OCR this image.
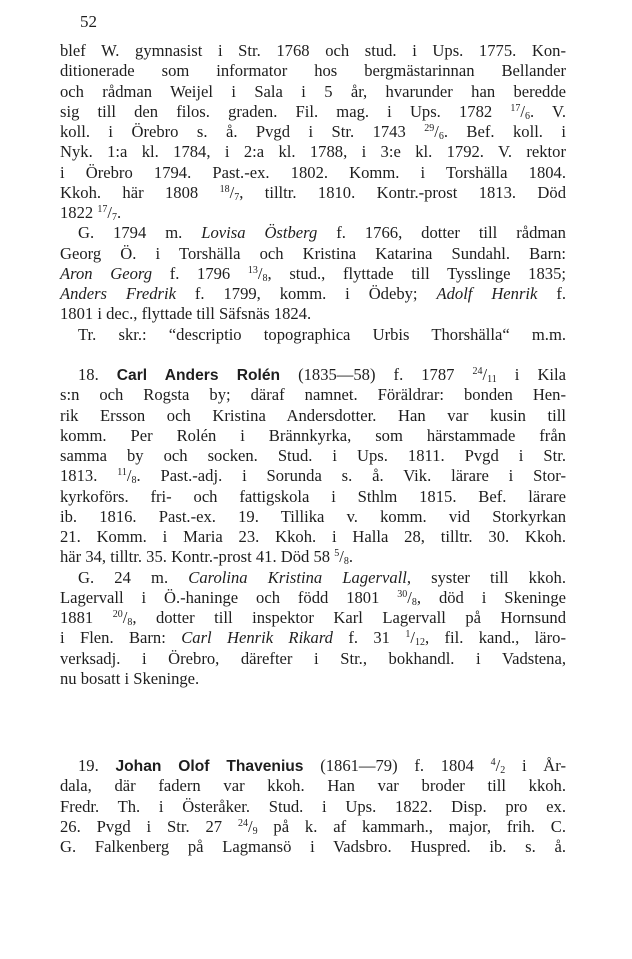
52

blef W. gymnasist i Str. 1768 och stud. i Ups. 1775. Kon-
ditionerade som informator hos bergmästarinnan Bellander
och rådman Weijel i Sala i 5 år, hvarunder han beredde
sig till den filos. graden. Fil. mag. i Ups. 1782 $^{17}/_6$. V.
koll. i Örebro s. å. Pvgd i Str. 1743 $^{29}/_6$. Bef. koll. i
Nyk. 1:a kl. 1784, i 2:a kl. 1788, i 3:e kl. 1792. V. rektor
i Örebro 1794. Past.-ex. 1802. Komm. i Torshälla 1804.
Kkoh. här 1808 $^{18}/_7$, tilltr. 1810. Kontr.-prost 1813. Död
1822 $^{17}/_7$.
G. 1794 m. Lovisa Östberg f. 1766, dotter till rådman
Georg Ö. i Torshälla och Kristina Katarina Sundahl. Barn:
Aron Georg f. 1796 $^{13}/_8$, stud., flyttade till Tysslinge 1835;
Anders Fredrik f. 1799, komm. i Ödeby; Adolf Henrik f.
1801 i dec., flyttade till Säfsnäs 1824.
Tr. skr.: “descriptio topographica Urbis Thorshälla“ m.m.
18. Carl Anders Rolén (1835—58) f. 1787 $^{24}/_{11}$ i Kila
s:n och Rogsta by; däraf namnet. Föräldrar: bonden Hen-
rik Ersson och Kristina Andersdotter. Han var kusin till
komm. Per Rolén i Brännkyrka, som härstammade från
samma by och socken. Stud. i Ups. 1811. Pvgd i Str.
1813. $^{11}/_8$. Past.-adj. i Sorunda s. å. Vik. lärare i Stor-
kyrkoförs. fri- och fattigskola i Sthlm 1815. Bef. lärare
ib. 1816. Past.-ex. 19. Tillika v. komm. vid Storkyrkan
21. Komm. i Maria 23. Kkoh. i Halla 28, tilltr. 30. Kkoh.
här 34, tilltr. 35. Kontr.-prost 41. Död 58 $^5/_8$.
G. 24 m. Carolina Kristina Lagervall, syster till kkoh.
Lagervall i Ö.-haninge och född 1801 $^{30}/_8$, död i Skeninge
1881 $^{20}/_8$, dotter till inspektor Karl Lagervall på Hornsund
i Flen. Barn: Carl Henrik Rikard f. 31 $^1/_{12}$, fil. kand., läro-
verksadj. i Örebro, därefter i Str., bokhandl. i Vadstena,
nu bosatt i Skeninge.
19. Johan Olof Thavenius (1861—79) f. 1804 $^4/_2$ i År-
dala, där fadern var kkoh. Han var broder till kkoh.
Fredr. Th. i Österåker. Stud. i Ups. 1822. Disp. pro ex.
26. Pvgd i Str. 27 $^{24}/_9$ på k. af kammarh., major, frih. C.
G. Falkenberg på Lagmansö i Vadsbro. Huspred. ib. s. å.
